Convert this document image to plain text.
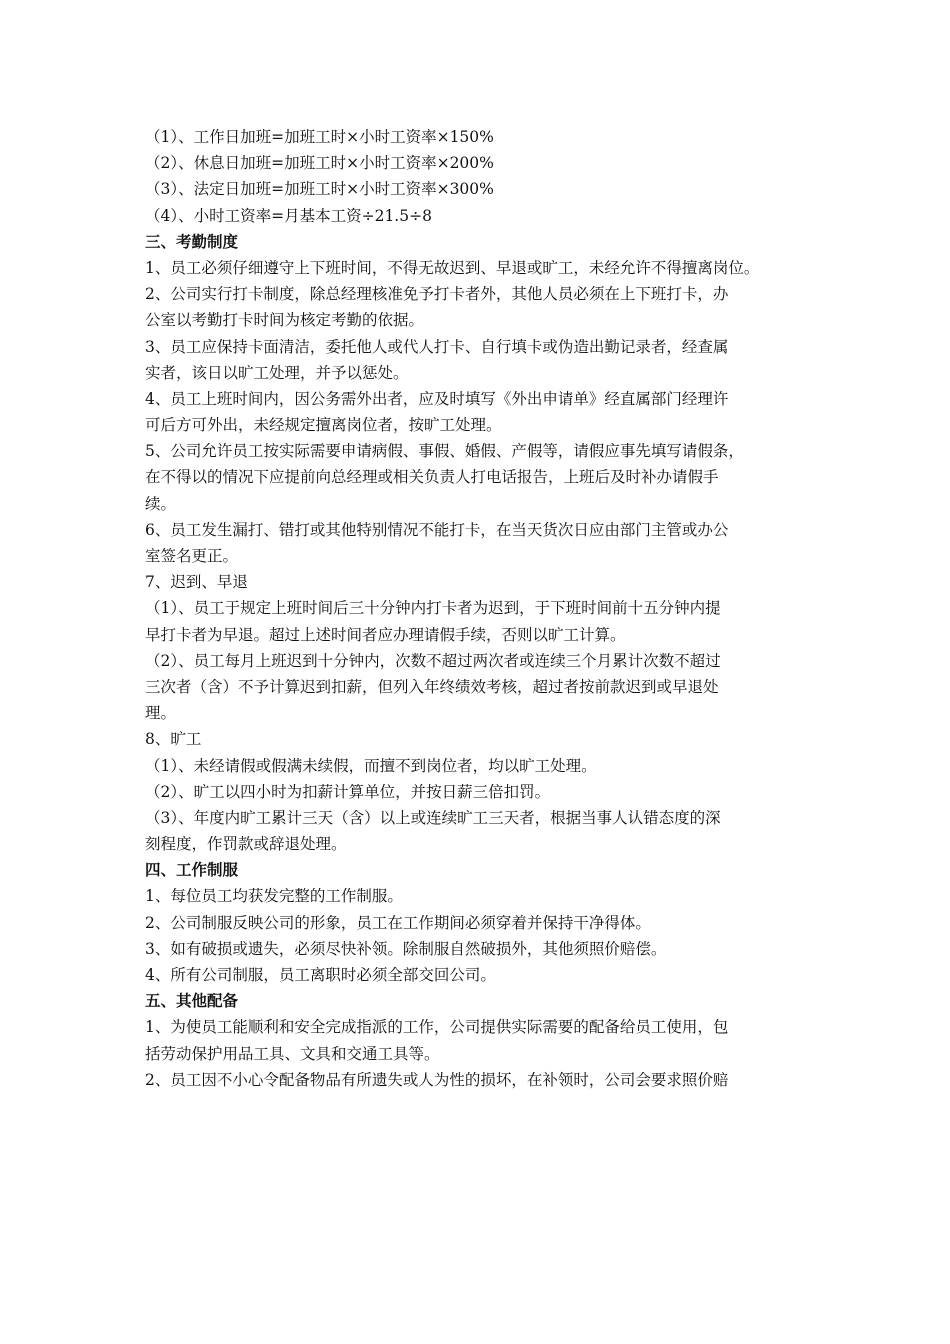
（1）、工作日加班=加班工时×小时工资率×150%
（2）、休息日加班=加班工时×小时工资率×200%
（3）、法定日加班=加班工时×小时工资率×300%
（4）、小时工资率=月基本工资÷21.5÷8
三、考勤制度
1、员工必须仔细遵守上下班时间，不得无故迟到、早退或旷工，未经允许不得擅离岗位。
2、公司实行打卡制度，除总经理核准免予打卡者外，其他人员必须在上下班打卡，办
公室以考勤打卡时间为核定考勤的依据。
3、员工应保持卡面清洁，委托他人或代人打卡、自行填卡或伪造出勤记录者，经查属
实者，该日以旷工处理，并予以惩处。
4、员工上班时间内，因公务需外出者，应及时填写《外出申请单》经直属部门经理许
可后方可外出，未经规定擅离岗位者，按旷工处理。
5、公司允许员工按实际需要申请病假、事假、婚假、产假等，请假应事先填写请假条，
在不得以的情况下应提前向总经理或相关负责人打电话报告，上班后及时补办请假手
续。
6、员工发生漏打、错打或其他特别情况不能打卡，在当天货次日应由部门主管或办公
室签名更正。
7、迟到、早退
（1）、员工于规定上班时间后三十分钟内打卡者为迟到，于下班时间前十五分钟内提
早打卡者为早退。超过上述时间者应办理请假手续，否则以旷工计算。
（2）、员工每月上班迟到十分钟内，次数不超过两次者或连续三个月累计次数不超过
三次者（含）不予计算迟到扣薪，但列入年终绩效考核，超过者按前款迟到或早退处
理。
8、旷工
（1）、未经请假或假满未续假，而擅不到岗位者，均以旷工处理。
（2）、旷工以四小时为扣薪计算单位，并按日薪三倍扣罚。
（3）、年度内旷工累计三天（含）以上或连续旷工三天者，根据当事人认错态度的深
刻程度，作罚款或辞退处理。
四、工作制服
1、每位员工均获发完整的工作制服。
2、公司制服反映公司的形象，员工在工作期间必须穿着并保持干净得体。
3、如有破损或遗失，必须尽快补领。除制服自然破损外，其他须照价赔偿。
4、所有公司制服，员工离职时必须全部交回公司。
五、其他配备
1、为使员工能顺利和安全完成指派的工作，公司提供实际需要的配备给员工使用，包
括劳动保护用品工具、文具和交通工具等。
2、员工因不小心令配备物品有所遗失或人为性的损坏，在补领时，公司会要求照价赔
